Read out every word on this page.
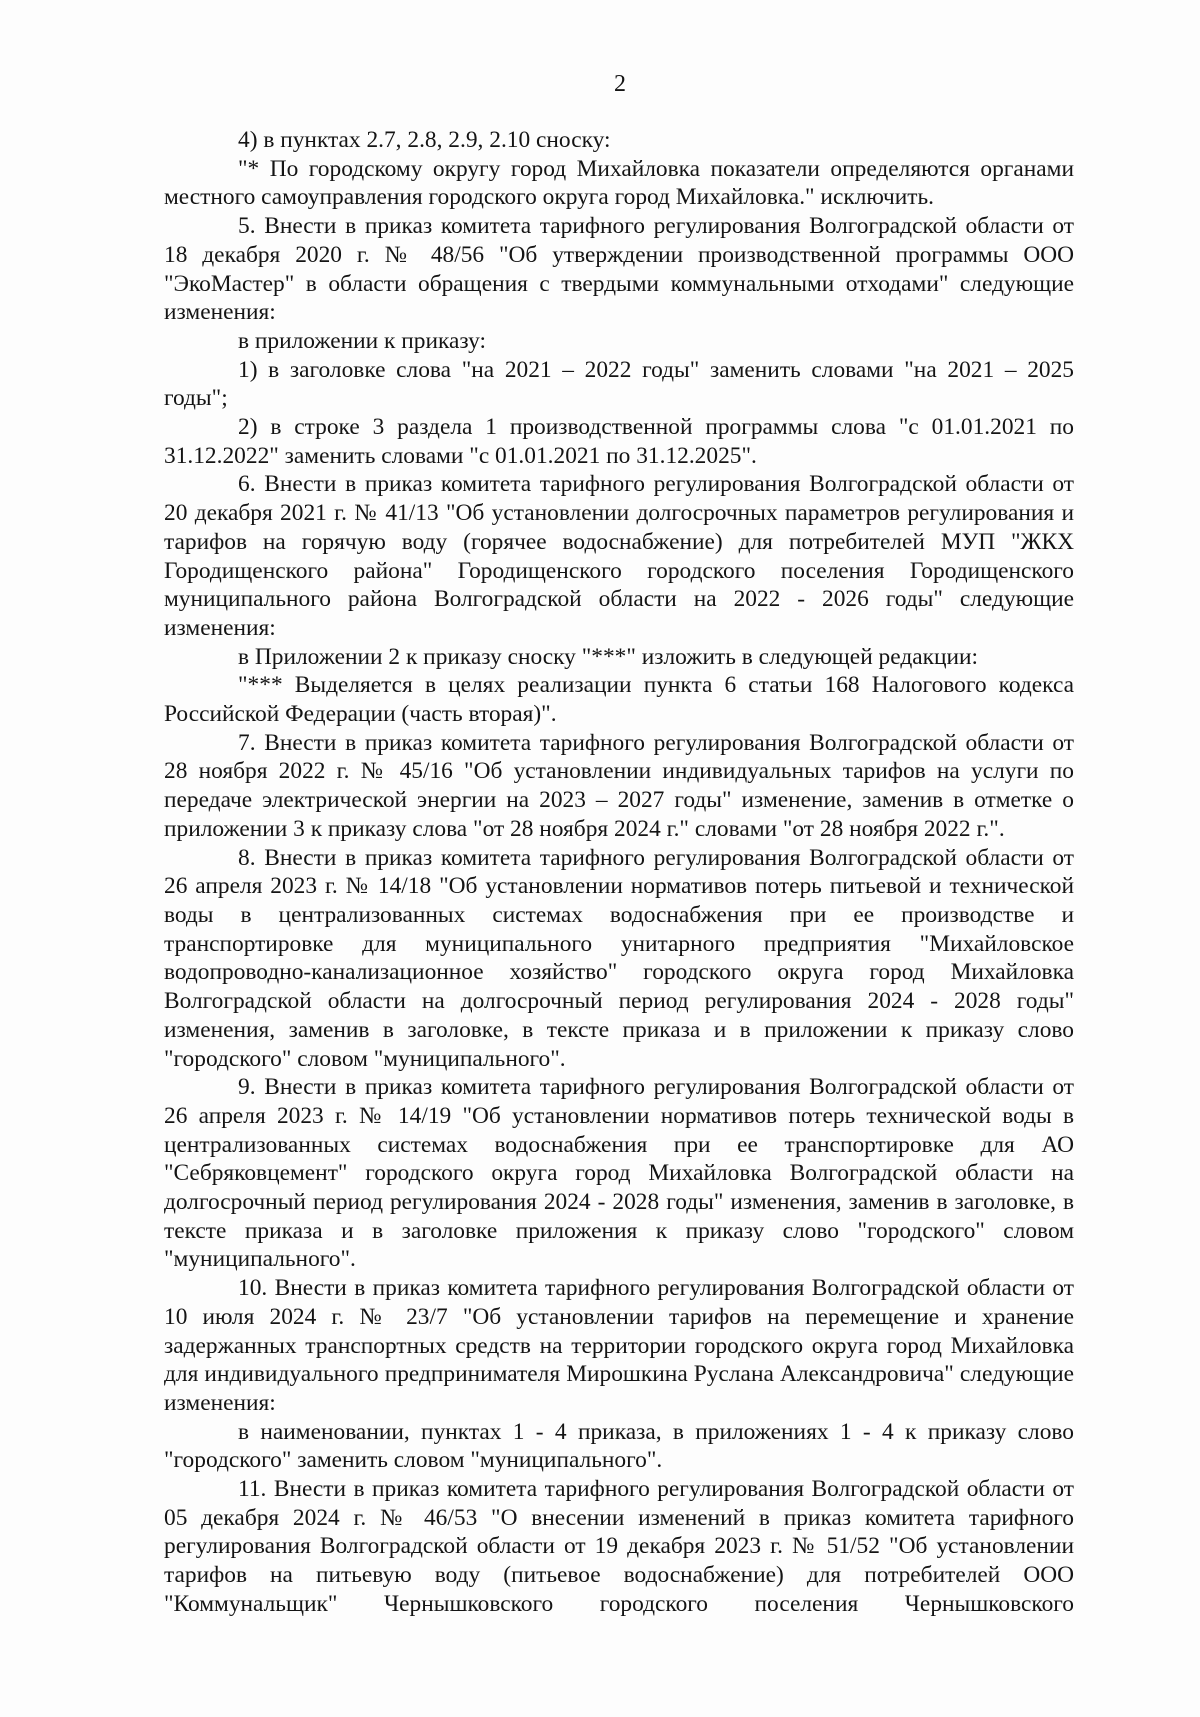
2

4) в пунктах 2.7, 2.8, 2.9, 2.10 сноску:

"* По городскому округу город Михайловка показатели определяются органами местного самоуправления городского округа город Михайловка." исключить.

5. Внести в приказ комитета тарифного регулирования Волгоградской области от 18 декабря 2020 г. № 48/56 "Об утверждении производственной программы ООО "ЭкоМастер" в области обращения с твердыми коммунальными отходами" следующие изменения:

в приложении к приказу:

1) в заголовке слова "на 2021 – 2022 годы" заменить словами "на 2021 – 2025 годы";

2) в строке 3 раздела 1 производственной программы слова "с 01.01.2021 по 31.12.2022" заменить словами "с 01.01.2021 по 31.12.2025".

6. Внести в приказ комитета тарифного регулирования Волгоградской области от 20 декабря 2021 г. № 41/13 "Об установлении долгосрочных параметров регулирования и тарифов на горячую воду (горячее водоснабжение) для потребителей МУП "ЖКХ Городищенского района" Городищенского городского поселения Городищенского муниципального района Волгоградской области на 2022 - 2026 годы" следующие изменения:

в Приложении 2 к приказу сноску "***" изложить в следующей редакции:

"*** Выделяется в целях реализации пункта 6 статьи 168 Налогового кодекса Российской Федерации (часть вторая)".

7. Внести в приказ комитета тарифного регулирования Волгоградской области от 28 ноября 2022 г. № 45/16 "Об установлении индивидуальных тарифов на услуги по передаче электрической энергии на 2023 – 2027 годы" изменение, заменив в отметке о приложении 3 к приказу слова "от 28 ноября 2024 г." словами "от 28 ноября 2022 г.".

8. Внести в приказ комитета тарифного регулирования Волгоградской области от 26 апреля 2023 г. № 14/18 "Об установлении нормативов потерь питьевой и технической воды в централизованных системах водоснабжения при ее производстве и транспортировке для муниципального унитарного предприятия "Михайловское водопроводно-канализационное хозяйство" городского округа город Михайловка Волгоградской области на долгосрочный период регулирования 2024 - 2028 годы" изменения, заменив в заголовке, в тексте приказа и в приложении к приказу слово "городского" словом "муниципального".

9. Внести в приказ комитета тарифного регулирования Волгоградской области от 26 апреля 2023 г. № 14/19 "Об установлении нормативов потерь технической воды в централизованных системах водоснабжения при ее транспортировке для АО "Себряковцемент" городского округа город Михайловка Волгоградской области на долгосрочный период регулирования 2024 - 2028 годы" изменения, заменив в заголовке, в тексте приказа и в заголовке приложения к приказу слово "городского" словом "муниципального".

10. Внести в приказ комитета тарифного регулирования Волгоградской области от 10 июля 2024 г. № 23/7 "Об установлении тарифов на перемещение и хранение задержанных транспортных средств на территории городского округа город Михайловка для индивидуального предпринимателя Мирошкина Руслана Александровича" следующие изменения:

в наименовании, пунктах 1 - 4 приказа, в приложениях 1 - 4 к приказу слово "городского" заменить словом "муниципального".

11. Внести в приказ комитета тарифного регулирования Волгоградской области от 05 декабря 2024 г. № 46/53 "О внесении изменений в приказ комитета тарифного регулирования Волгоградской области от 19 декабря 2023 г. № 51/52 "Об установлении тарифов на питьевую воду (питьевое водоснабжение) для потребителей ООО "Коммунальщик" Чернышковского городского поселения Чернышковского
